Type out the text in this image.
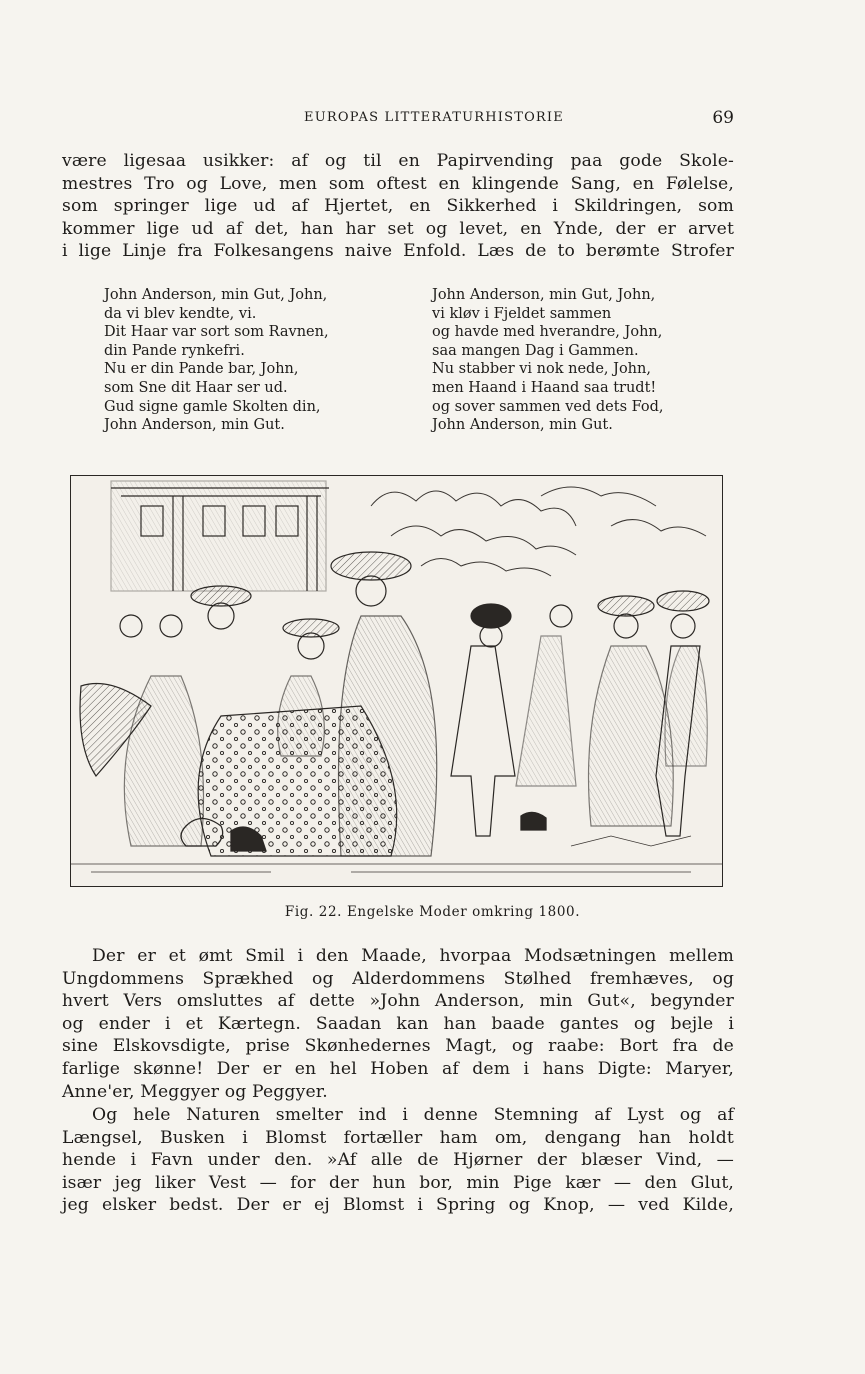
EUROPAS LITTERATURHISTORIE	69
være ligesaa usikker: af og til en Papirvending paa gode Skole-
mestres Tro og Love, men som oftest en klingende Sang, en Følelse,
som springer lige ud af Hjertet, en Sikkerhed i Skildringen, som
kommer lige ud af det, han har set og levet, en Ynde, der er arvet
i lige Linje fra Folkesangens naive Enfold. Læs de to berømte Strofer
John Anderson, min Gut, John,
da vi blev kendte, vi.
Dit Haar var sort som Ravnen,
din Pande rynkefri.
Nu er din Pande bar, John,
som Sne dit Haar ser ud.
Gud signe gamle Skolten din,
John Anderson, min Gut.
John Anderson, min Gut, John,
vi kløv i Fjeldet sammen
og havde med hverandre, John,
saa mangen Dag i Gammen.
Nu stabber vi nok nede, John,
men Haand i Haand saa trudt!
og sover sammen ved dets Fod,
John Anderson, min Gut.
Fig. 22. Engelske Moder omkring 1800.
Der er et ømt Smil i den Maade, hvorpaa Modsætningen mellem
Ungdommens Sprækhed og Alderdommens Stølhed fremhæves, og
hvert Vers omsluttes af dette »John Anderson, min Gut«, begynder
og ender i et Kærtegn. Saadan kan han baade gantes og bejle i
sine Elskovsdigte, prise Skønhedernes Magt, og raabe: Bort fra de
farlige skønne! Der er en hel Hoben af dem i hans Digte: Maryer,
Anne'er, Meggyer og Peggyer.
Og hele Naturen smelter ind i denne Stemning af Lyst og af
Længsel, Busken i Blomst fortæller ham om, dengang han holdt
hende i Favn under den. »Af alle de Hjørner der blæser Vind, —
især jeg liker Vest — for der hun bor, min Pige kær — den Glut,
jeg elsker bedst. Der er ej Blomst i Spring og Knop, — ved Kilde,
